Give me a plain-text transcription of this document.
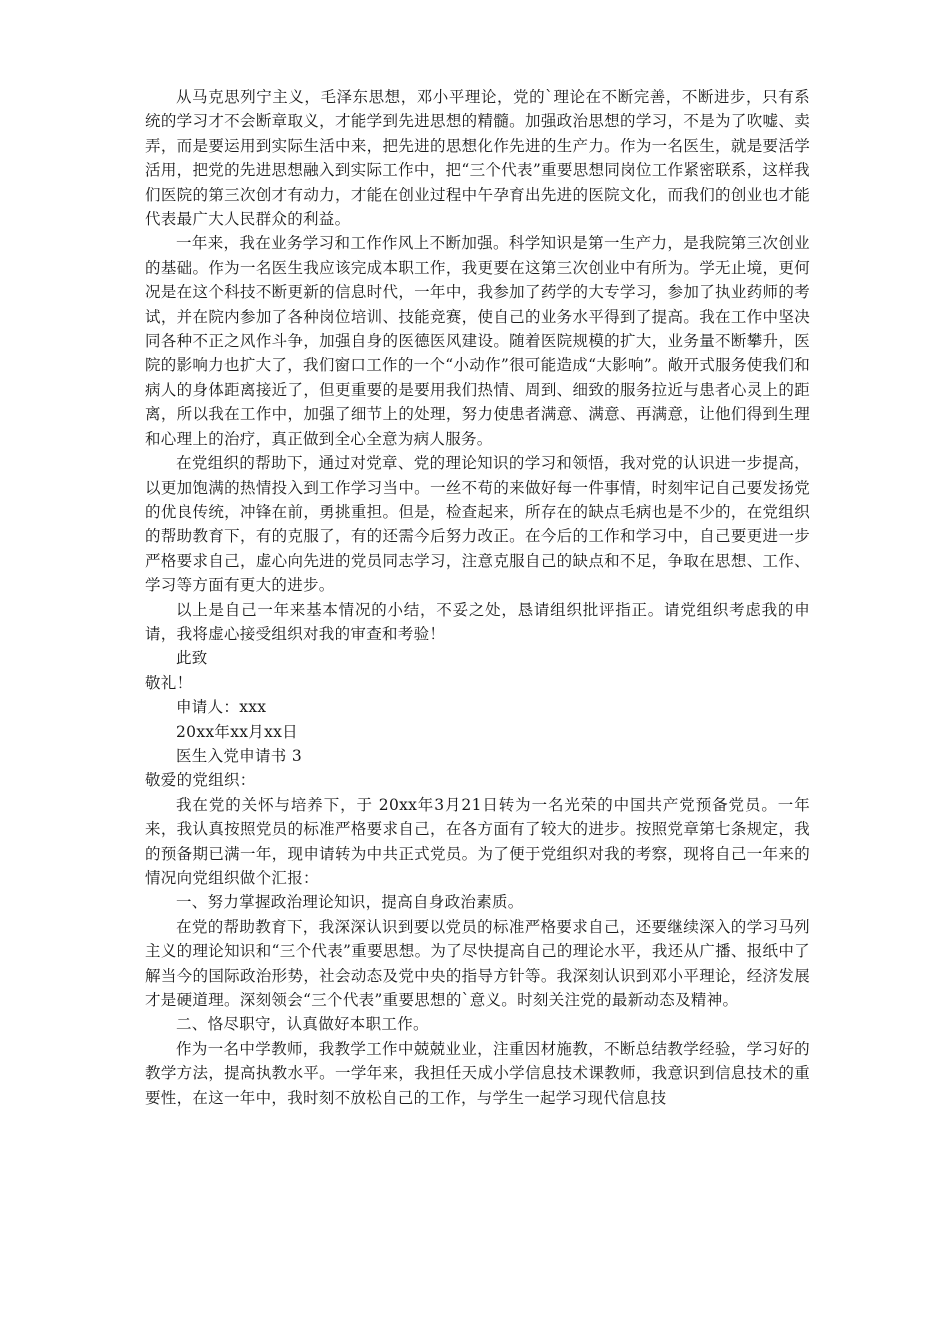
从马克思列宁主义，毛泽东思想，邓小平理论，党的`理论在不断完善，不断进步，只有系统的学习才不会断章取义，才能学到先进思想的精髓。加强政治思想的学习，不是为了吹嘘、卖弄，而是要运用到实际生活中来，把先进的思想化作先进的生产力。作为一名医生，就是要活学活用，把党的先进思想融入到实际工作中，把“三个代表”重要思想同岗位工作紧密联系，这样我们医院的第三次创才有动力，才能在创业过程中午孕育出先进的医院文化，而我们的创业也才能代表最广大人民群众的利益。

一年来，我在业务学习和工作作风上不断加强。科学知识是第一生产力，是我院第三次创业的基础。作为一名医生我应该完成本职工作，我更要在这第三次创业中有所为。学无止境，更何况是在这个科技不断更新的信息时代，一年中，我参加了药学的大专学习，参加了执业药师的考试，并在院内参加了各种岗位培训、技能竞赛，使自己的业务水平得到了提高。我在工作中坚决同各种不正之风作斗争，加强自身的医德医风建设。随着医院规模的扩大，业务量不断攀升，医院的影响力也扩大了，我们窗口工作的一个“小动作”很可能造成“大影响”。敞开式服务使我们和病人的身体距离接近了，但更重要的是要用我们热情、周到、细致的服务拉近与患者心灵上的距离，所以我在工作中，加强了细节上的处理，努力使患者满意、满意、再满意，让他们得到生理和心理上的治疗，真正做到全心全意为病人服务。

在党组织的帮助下，通过对党章、党的理论知识的学习和领悟，我对党的认识进一步提高，以更加饱满的热情投入到工作学习当中。一丝不苟的来做好每一件事情，时刻牢记自己要发扬党的优良传统，冲锋在前，勇挑重担。但是，检查起来，所存在的缺点毛病也是不少的，在党组织的帮助教育下，有的克服了，有的还需今后努力改正。在今后的工作和学习中，自己要更进一步严格要求自己，虚心向先进的党员同志学习，注意克服自己的缺点和不足，争取在思想、工作、学习等方面有更大的进步。

以上是自己一年来基本情况的小结，不妥之处，恳请组织批评指正。请党组织考虑我的申请，我将虚心接受组织对我的审查和考验！

此致

敬礼！

申请人：xxx

20xx年xx月xx日

医生入党申请书 3

敬爱的党组织：

我在党的关怀与培养下，于 20xx年3月21日转为一名光荣的中国共产党预备党员。一年来，我认真按照党员的标准严格要求自己，在各方面有了较大的进步。按照党章第七条规定，我的预备期已满一年，现申请转为中共正式党员。为了便于党组织对我的考察，现将自己一年来的情况向党组织做个汇报：

一、努力掌握政治理论知识，提高自身政治素质。

在党的帮助教育下，我深深认识到要以党员的标准严格要求自己，还要继续深入的学习马列主义的理论知识和“三个代表”重要思想。为了尽快提高自己的理论水平，我还从广播、报纸中了解当今的国际政治形势，社会动态及党中央的指导方针等。我深刻认识到邓小平理论，经济发展才是硬道理。深刻领会“三个代表”重要思想的`意义。时刻关注党的最新动态及精神。

二、恪尽职守，认真做好本职工作。

作为一名中学教师，我教学工作中兢兢业业，注重因材施教，不断总结教学经验，学习好的教学方法，提高执教水平。一学年来，我担任天成小学信息技术课教师，我意识到信息技术的重要性，在这一年中，我时刻不放松自己的工作，与学生一起学习现代信息技
